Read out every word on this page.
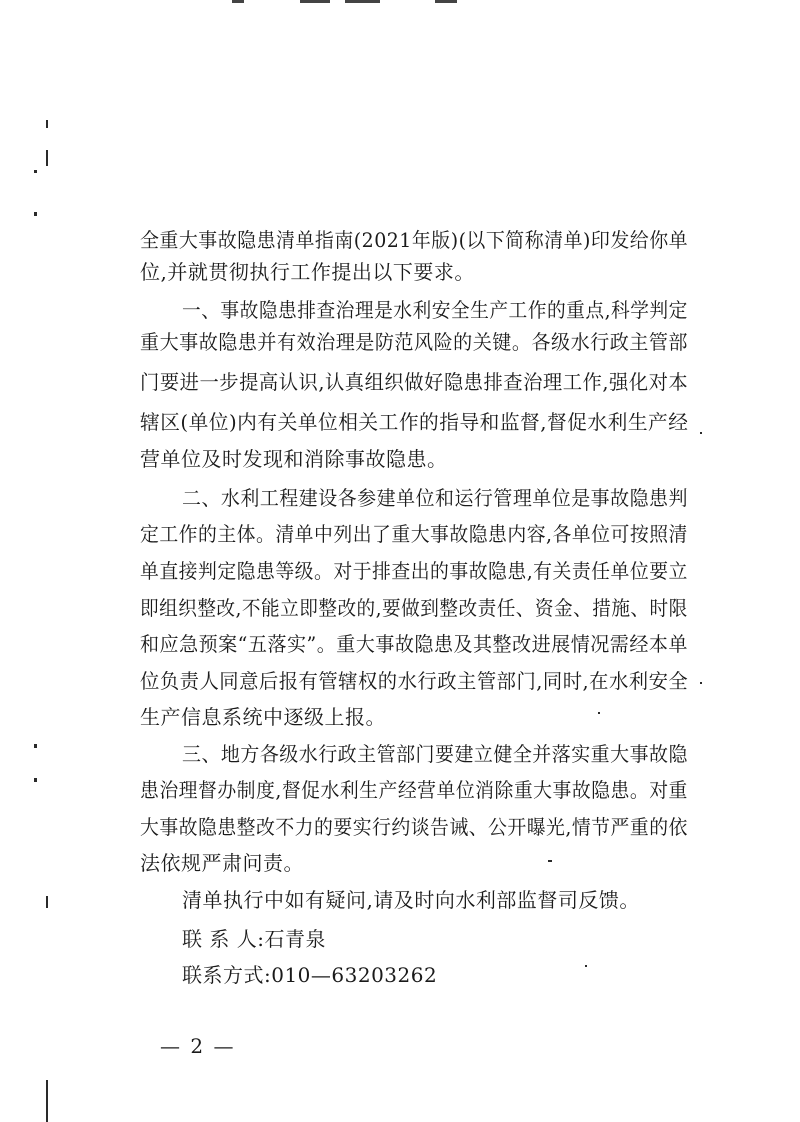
全重大事故隐患清单指南(2021年版)(以下简称清单)印发给你单
位,并就贯彻执行工作提出以下要求。
一、事故隐患排查治理是水利安全生产工作的重点,科学判定
重大事故隐患并有效治理是防范风险的关键。各级水行政主管部
门要进一步提高认识,认真组织做好隐患排查治理工作,强化对本
辖区(单位)内有关单位相关工作的指导和监督,督促水利生产经
营单位及时发现和消除事故隐患。
二、水利工程建设各参建单位和运行管理单位是事故隐患判
定工作的主体。清单中列出了重大事故隐患内容,各单位可按照清
单直接判定隐患等级。对于排查出的事故隐患,有关责任单位要立
即组织整改,不能立即整改的,要做到整改责任、资金、措施、时限
和应急预案“五落实”。重大事故隐患及其整改进展情况需经本单
位负责人同意后报有管辖权的水行政主管部门,同时,在水利安全
生产信息系统中逐级上报。
三、地方各级水行政主管部门要建立健全并落实重大事故隐
患治理督办制度,督促水利生产经营单位消除重大事故隐患。对重
大事故隐患整改不力的要实行约谈告诫、公开曝光,情节严重的依
法依规严肃问责。
清单执行中如有疑问,请及时向水利部监督司反馈。
联 系 人:石青泉
联系方式:010—63203262
— 2 —
